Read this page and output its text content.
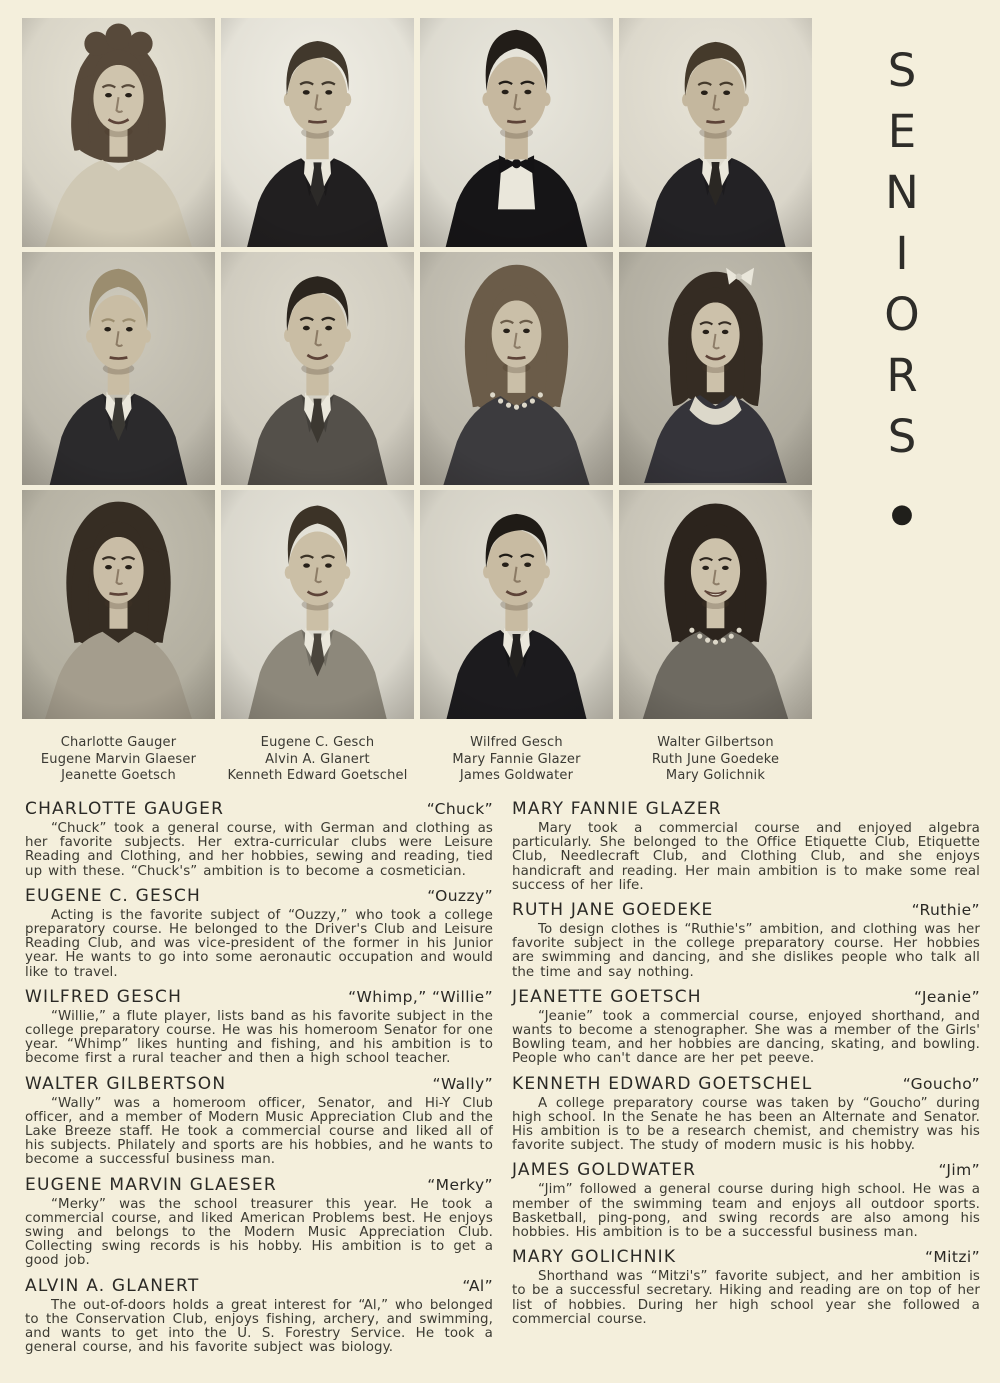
S
E
N
I
O
R
S
●
Charlotte Gauger
Eugene Marvin Glaeser
Jeanette Goetsch
Eugene C. Gesch
Alvin A. Glanert
Kenneth Edward Goetschel
Wilfred Gesch
Mary Fannie Glazer
James Goldwater
Walter Gilbertson
Ruth June Goedeke
Mary Golichnik
CHARLOTTE GAUGER	“Chuck”

“Chuck” took a general course, with German and clothing as her favorite subjects. Her extra-curricular clubs were Leisure Reading and Clothing, and her hobbies, sewing and reading, tied up with these. “Chuck's” ambition is to become a cosmetician.

EUGENE C. GESCH	“Ouzzy”

Acting is the favorite subject of “Ouzzy,” who took a college preparatory course. He belonged to the Driver's Club and Leisure Reading Club, and was vice-president of the former in his Junior year. He wants to go into some aeronautic occupation and would like to travel.

WILFRED GESCH	“Whimp,” “Willie”

“Willie,” a flute player, lists band as his favorite subject in the college preparatory course. He was his homeroom Senator for one year. “Whimp” likes hunting and fishing, and his ambition is to become first a rural teacher and then a high school teacher.

WALTER GILBERTSON	“Wally”

“Wally” was a homeroom officer, Senator, and Hi-Y Club officer, and a member of Modern Music Appreciation Club and the Lake Breeze staff. He took a commercial course and liked all of his subjects. Philately and sports are his hobbies, and he wants to become a successful business man.

EUGENE MARVIN GLAESER	“Merky”

“Merky” was the school treasurer this year. He took a commercial course, and liked American Problems best. He enjoys swing and belongs to the Modern Music Appreciation Club. Collecting swing records is his hobby. His ambition is to get a good job.

ALVIN A. GLANERT	“Al”

The out-of-doors holds a great interest for “Al,” who belonged to the Conservation Club, enjoys fishing, archery, and swimming, and wants to get into the U. S. Forestry Service. He took a general course, and his favorite subject was biology.

MARY FANNIE GLAZER

Mary took a commercial course and enjoyed algebra particularly. She belonged to the Office Etiquette Club, Etiquette Club, Needlecraft Club, and Clothing Club, and she enjoys handicraft and reading. Her main ambition is to make some real success of her life.

RUTH JANE GOEDEKE	“Ruthie”

To design clothes is “Ruthie's” ambition, and clothing was her favorite subject in the college preparatory course. Her hobbies are swimming and dancing, and she dislikes people who talk all the time and say nothing.

JEANETTE GOETSCH	“Jeanie”

“Jeanie” took a commercial course, enjoyed shorthand, and wants to become a stenographer. She was a member of the Girls' Bowling team, and her hobbies are dancing, skating, and bowling. People who can't dance are her pet peeve.

KENNETH EDWARD GOETSCHEL	“Goucho”

A college preparatory course was taken by “Goucho” during high school. In the Senate he has been an Alternate and Senator. His ambition is to be a research chemist, and chemistry was his favorite subject. The study of modern music is his hobby.

JAMES GOLDWATER	“Jim”

“Jim” followed a general course during high school. He was a member of the swimming team and enjoys all outdoor sports. Basketball, ping-pong, and swing records are also among his hobbies. His ambition is to be a successful business man.

MARY GOLICHNIK	“Mitzi”

Shorthand was “Mitzi's” favorite subject, and her ambition is to be a successful secretary. Hiking and reading are on top of her list of hobbies. During her high school year she followed a commercial course.
